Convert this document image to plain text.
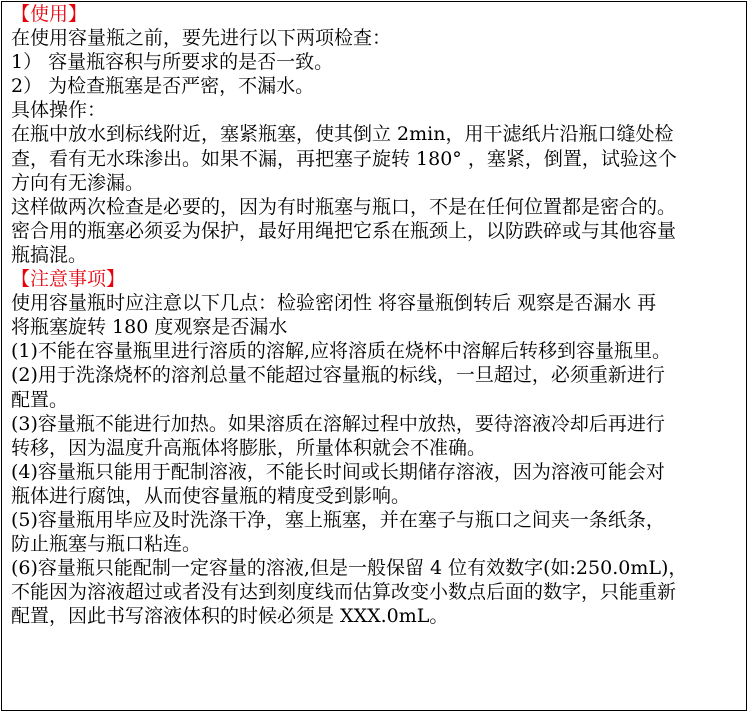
【使用】
在使用容量瓶之前，要先进行以下两项检查：
1） 容量瓶容积与所要求的是否一致。
2） 为检查瓶塞是否严密，不漏水。
具体操作：
在瓶中放水到标线附近，塞紧瓶塞，使其倒立 2min，用干滤纸片沿瓶口缝处检
查，看有无水珠渗出。如果不漏，再把塞子旋转 180° ，塞紧，倒置，试验这个
方向有无渗漏。
这样做两次检查是必要的，因为有时瓶塞与瓶口，不是在任何位置都是密合的。
密合用的瓶塞必须妥为保护，最好用绳把它系在瓶颈上，以防跌碎或与其他容量
瓶搞混。
【注意事项】
使用容量瓶时应注意以下几点：检验密闭性 将容量瓶倒转后 观察是否漏水 再
将瓶塞旋转 180 度观察是否漏水
(1)不能在容量瓶里进行溶质的溶解,应将溶质在烧杯中溶解后转移到容量瓶里。
(2)用于洗涤烧杯的溶剂总量不能超过容量瓶的标线，一旦超过，必须重新进行
配置。
(3)容量瓶不能进行加热。如果溶质在溶解过程中放热，要待溶液冷却后再进行
转移，因为温度升高瓶体将膨胀，所量体积就会不准确。
(4)容量瓶只能用于配制溶液，不能长时间或长期储存溶液，因为溶液可能会对
瓶体进行腐蚀，从而使容量瓶的精度受到影响。
(5)容量瓶用毕应及时洗涤干净，塞上瓶塞，并在塞子与瓶口之间夹一条纸条，
防止瓶塞与瓶口粘连。
(6)容量瓶只能配制一定容量的溶液,但是一般保留 4 位有效数字(如:250.0mL)，
不能因为溶液超过或者没有达到刻度线而估算改变小数点后面的数字，只能重新
配置，因此书写溶液体积的时候必须是 XXX.0mL。
